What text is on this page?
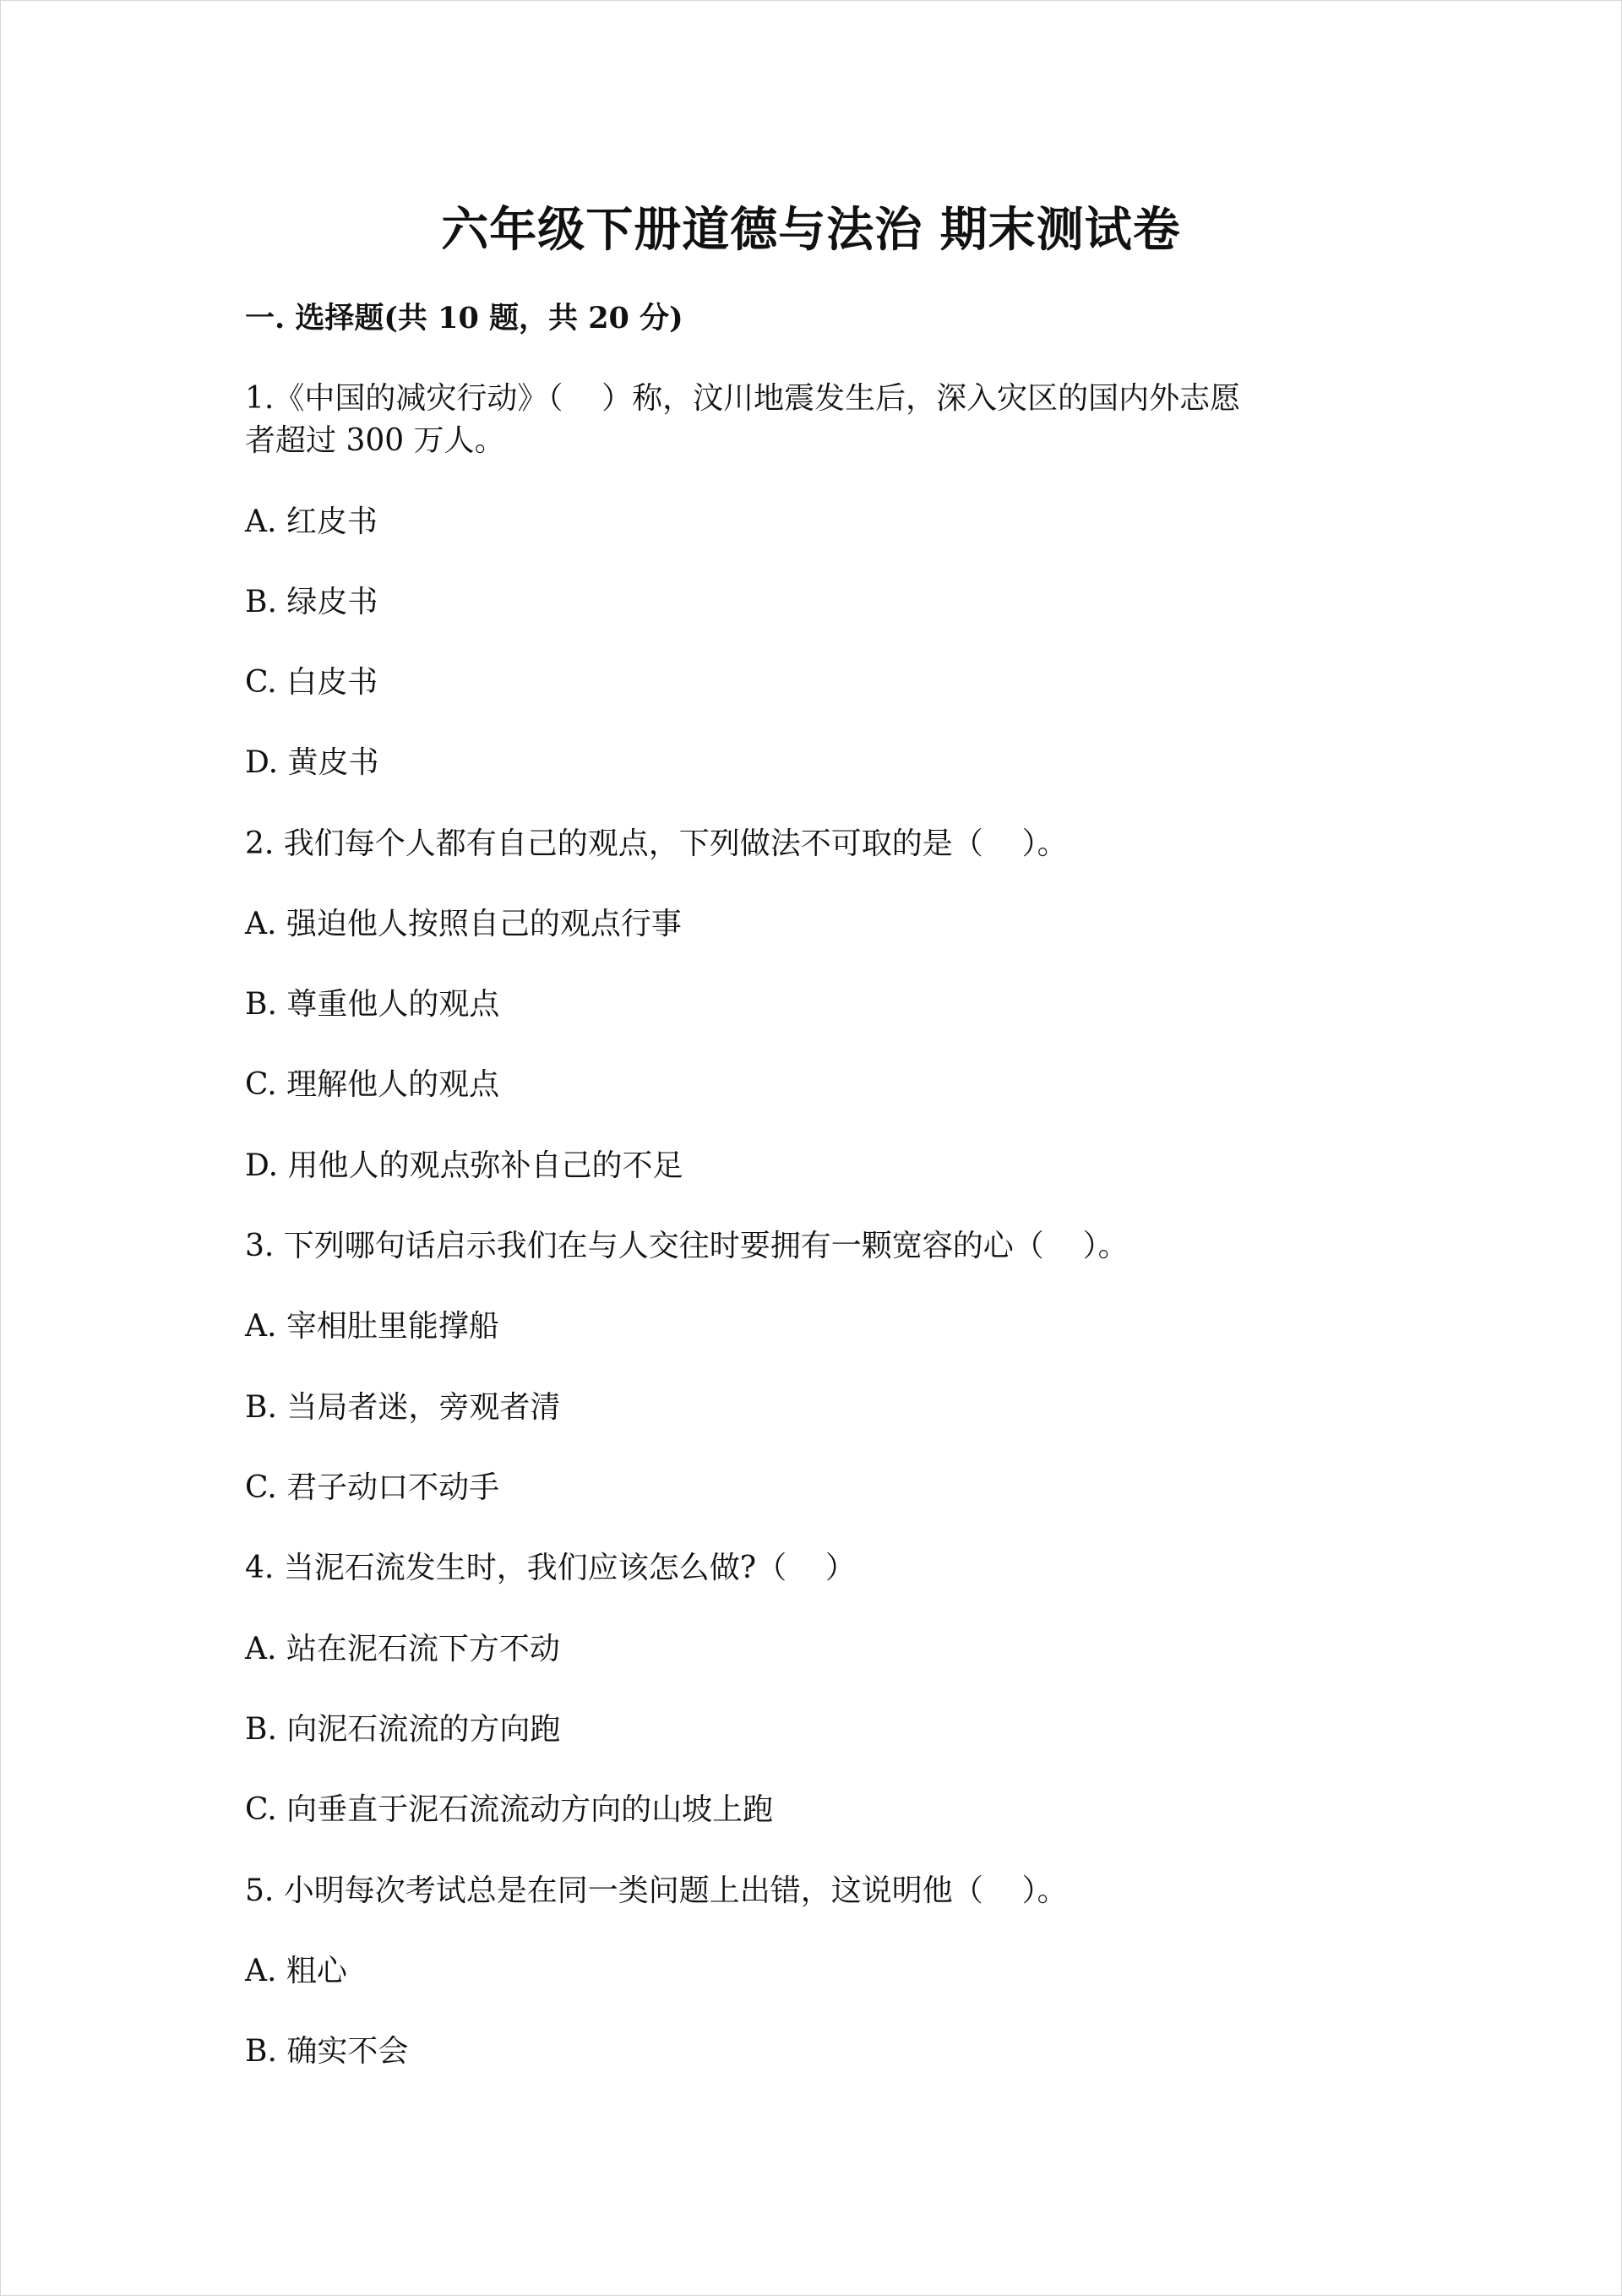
六年级下册道德与法治 期末测试卷
一. 选择题(共 10 题，共 20 分)
1.《中国的减灾行动》（    ）称，汶川地震发生后，深入灾区的国内外志愿
者超过 300 万人。
A. 红皮书
B. 绿皮书
C. 白皮书
D. 黄皮书
2. 我们每个人都有自己的观点，下列做法不可取的是（    ）。
A. 强迫他人按照自己的观点行事
B. 尊重他人的观点
C. 理解他人的观点
D. 用他人的观点弥补自己的不足
3. 下列哪句话启示我们在与人交往时要拥有一颗宽容的心（    ）。
A. 宰相肚里能撑船
B. 当局者迷，旁观者清
C. 君子动口不动手
4. 当泥石流发生时，我们应该怎么做?（    ）
A. 站在泥石流下方不动
B. 向泥石流流的方向跑
C. 向垂直于泥石流流动方向的山坡上跑
5. 小明每次考试总是在同一类问题上出错，这说明他（    ）。
A. 粗心
B. 确实不会
